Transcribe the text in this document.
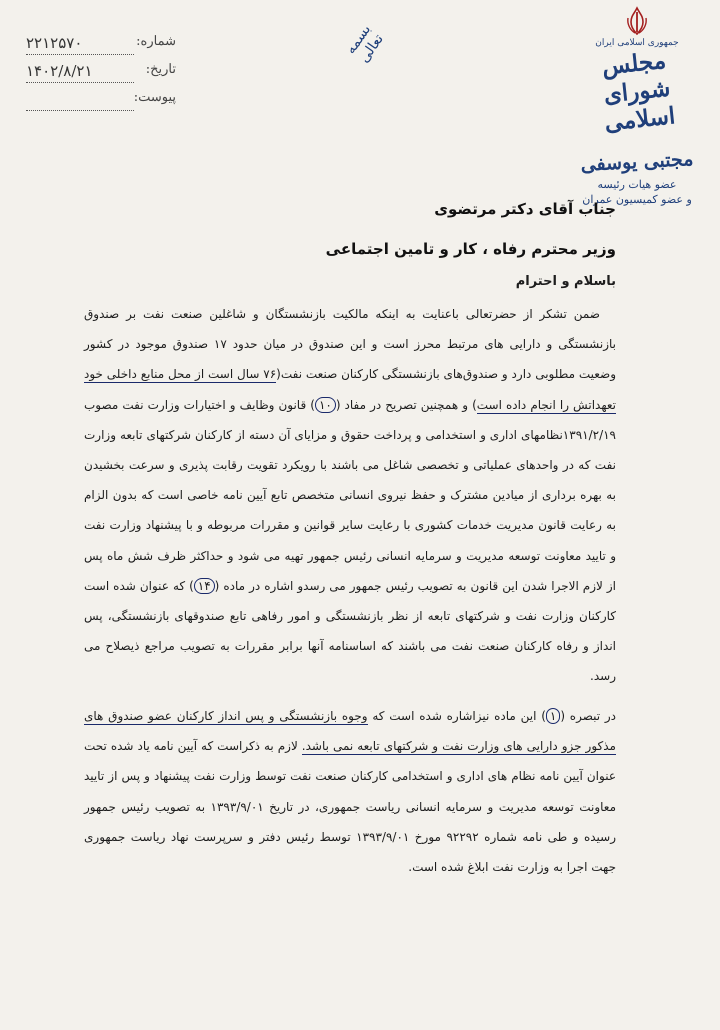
جمهوری اسلامی ایران
مجلس شورای اسلامی
مجتبی یوسفی
عضو هیات رئیسه
و عضو کمیسیون عمران
بسمه تعالی
شماره:
۲۲۱۲۵۷۰
تاریخ:
۱۴۰۲/۸/۲۱
پیوست:

جناب آقای دکتر مرتضوی

وزیر محترم رفاه ، کار و تامین اجتماعی

باسلام و احترام
ضمن تشکر از حضرتعالی باعنایت به اینکه مالکیت بازنشستگان و شاغلین صنعت نفت بر صندوق بازنشستگی و دارایی های مرتبط محرز است و این صندوق در میان حدود ۱۷ صندوق موجود در کشور وضعیت مطلوبی دارد و صندوق‌های بازنشستگی کارکنان صنعت نفت(۷۶ سال است از محل منابع داخلی خود تعهداتش را انجام داده است) و همچنین تصریح در مفاد (۱۰) قانون وظایف و اختیارات وزارت نفت مصوب ۱۳۹۱/۲/۱۹نظامهای اداری و استخدامی و پرداخت حقوق و مزایای آن دسته از کارکنان شرکتهای تابعه وزارت نفت که در واحدهای عملیاتی و تخصصی شاغل می باشند با رویکرد تقویت رقابت پذیری و سرعت بخشیدن به بهره برداری از میادین مشترک و حفظ نیروی انسانی متخصص تابع آیین نامه خاصی است که بدون الزام به رعایت قانون مدیریت خدمات کشوری با رعایت سایر قوانین و مقررات مربوطه و با پیشنهاد وزارت نفت و تایید معاونت توسعه مدیریت و سرمایه انسانی رئیس جمهور تهیه می شود و حداکثر ظرف شش ماه پس از لازم الاجرا شدن این قانون به تصویب رئیس جمهور می رسدو اشاره در ماده (۱۴) که عنوان شده است کارکنان وزارت نفت و شرکتهای تابعه از نظر بازنشستگی و امور رفاهی تابع صندوقهای بازنشستگی، پس انداز و رفاه کارکنان صنعت نفت می باشند که اساسنامه آنها برابر مقررات به تصویب مراجع ذیصلاح می رسد.
در تبصره (۱) این ماده نیزاشاره شده است که وجوه بازنشستگی و پس انداز کارکنان عضو صندوق های مذکور جزو دارایی های وزارت نفت و شرکتهای تابعه نمی باشد. لازم به ذکراست که آیین نامه یاد شده تحت عنوان آیین نامه نظام های اداری و استخدامی کارکنان صنعت نفت توسط وزارت نفت پیشنهاد و پس از تایید معاونت توسعه مدیریت و سرمایه انسانی ریاست جمهوری، در تاریخ ۱۳۹۳/۹/۰۱ به تصویب رئیس جمهور رسیده و طی نامه شماره ۹۲۲۹۲ مورخ ۱۳۹۳/۹/۰۱ توسط رئیس دفتر و سرپرست نهاد ریاست جمهوری جهت اجرا به وزارت نفت ابلاغ شده است.
